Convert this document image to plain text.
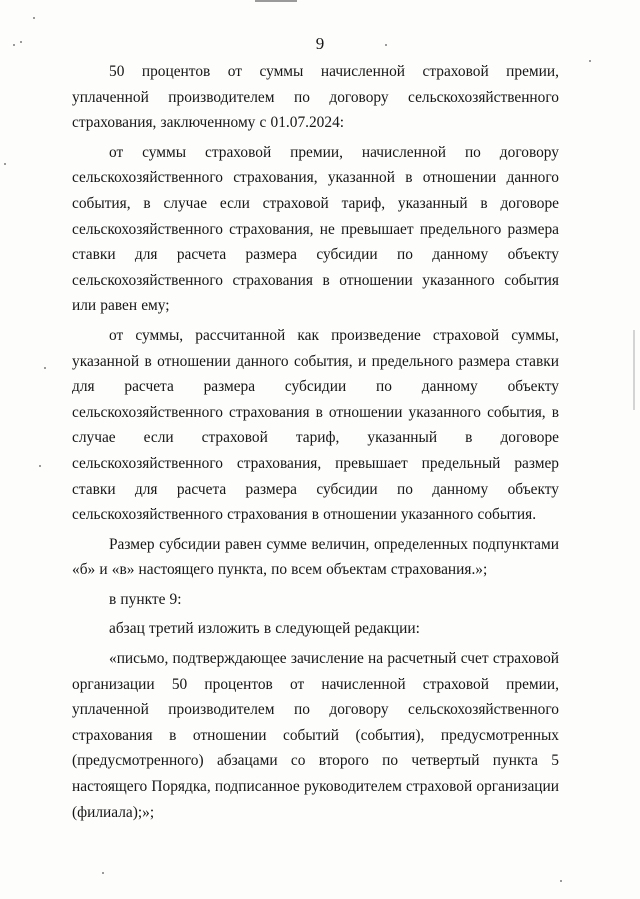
9

50 процентов от суммы начисленной страховой премии, уплаченной производителем по договору сельскохозяйственного страхования, заключенному с 01.07.2024:

от суммы страховой премии, начисленной по договору сельскохозяйственного страхования, указанной в отношении данного события, в случае если страховой тариф, указанный в договоре сельскохозяйственного страхования, не превышает предельного размера ставки для расчета размера субсидии по данному объекту сельскохозяйственного страхования в отношении указанного события или равен ему;

от суммы, рассчитанной как произведение страховой суммы, указанной в отношении данного события, и предельного размера ставки для расчета размера субсидии по данному объекту сельскохозяйственного страхования в отношении указанного события, в случае если страховой тариф, указанный в договоре сельскохозяйственного страхования, превышает предельный размер ставки для расчета размера субсидии по данному объекту сельскохозяйственного страхования в отношении указанного события.

Размер субсидии равен сумме величин, определенных подпунктами «б» и «в» настоящего пункта, по всем объектам страхования.»;

в пункте 9:

абзац третий изложить в следующей редакции:

«письмо, подтверждающее зачисление на расчетный счет страховой организации 50 процентов от начисленной страховой премии, уплаченной производителем по договору сельскохозяйственного страхования в отношении событий (события), предусмотренных (предусмотренного) абзацами со второго по четвертый пункта 5 настоящего Порядка, подписанное руководителем страховой организации (филиала);»;
